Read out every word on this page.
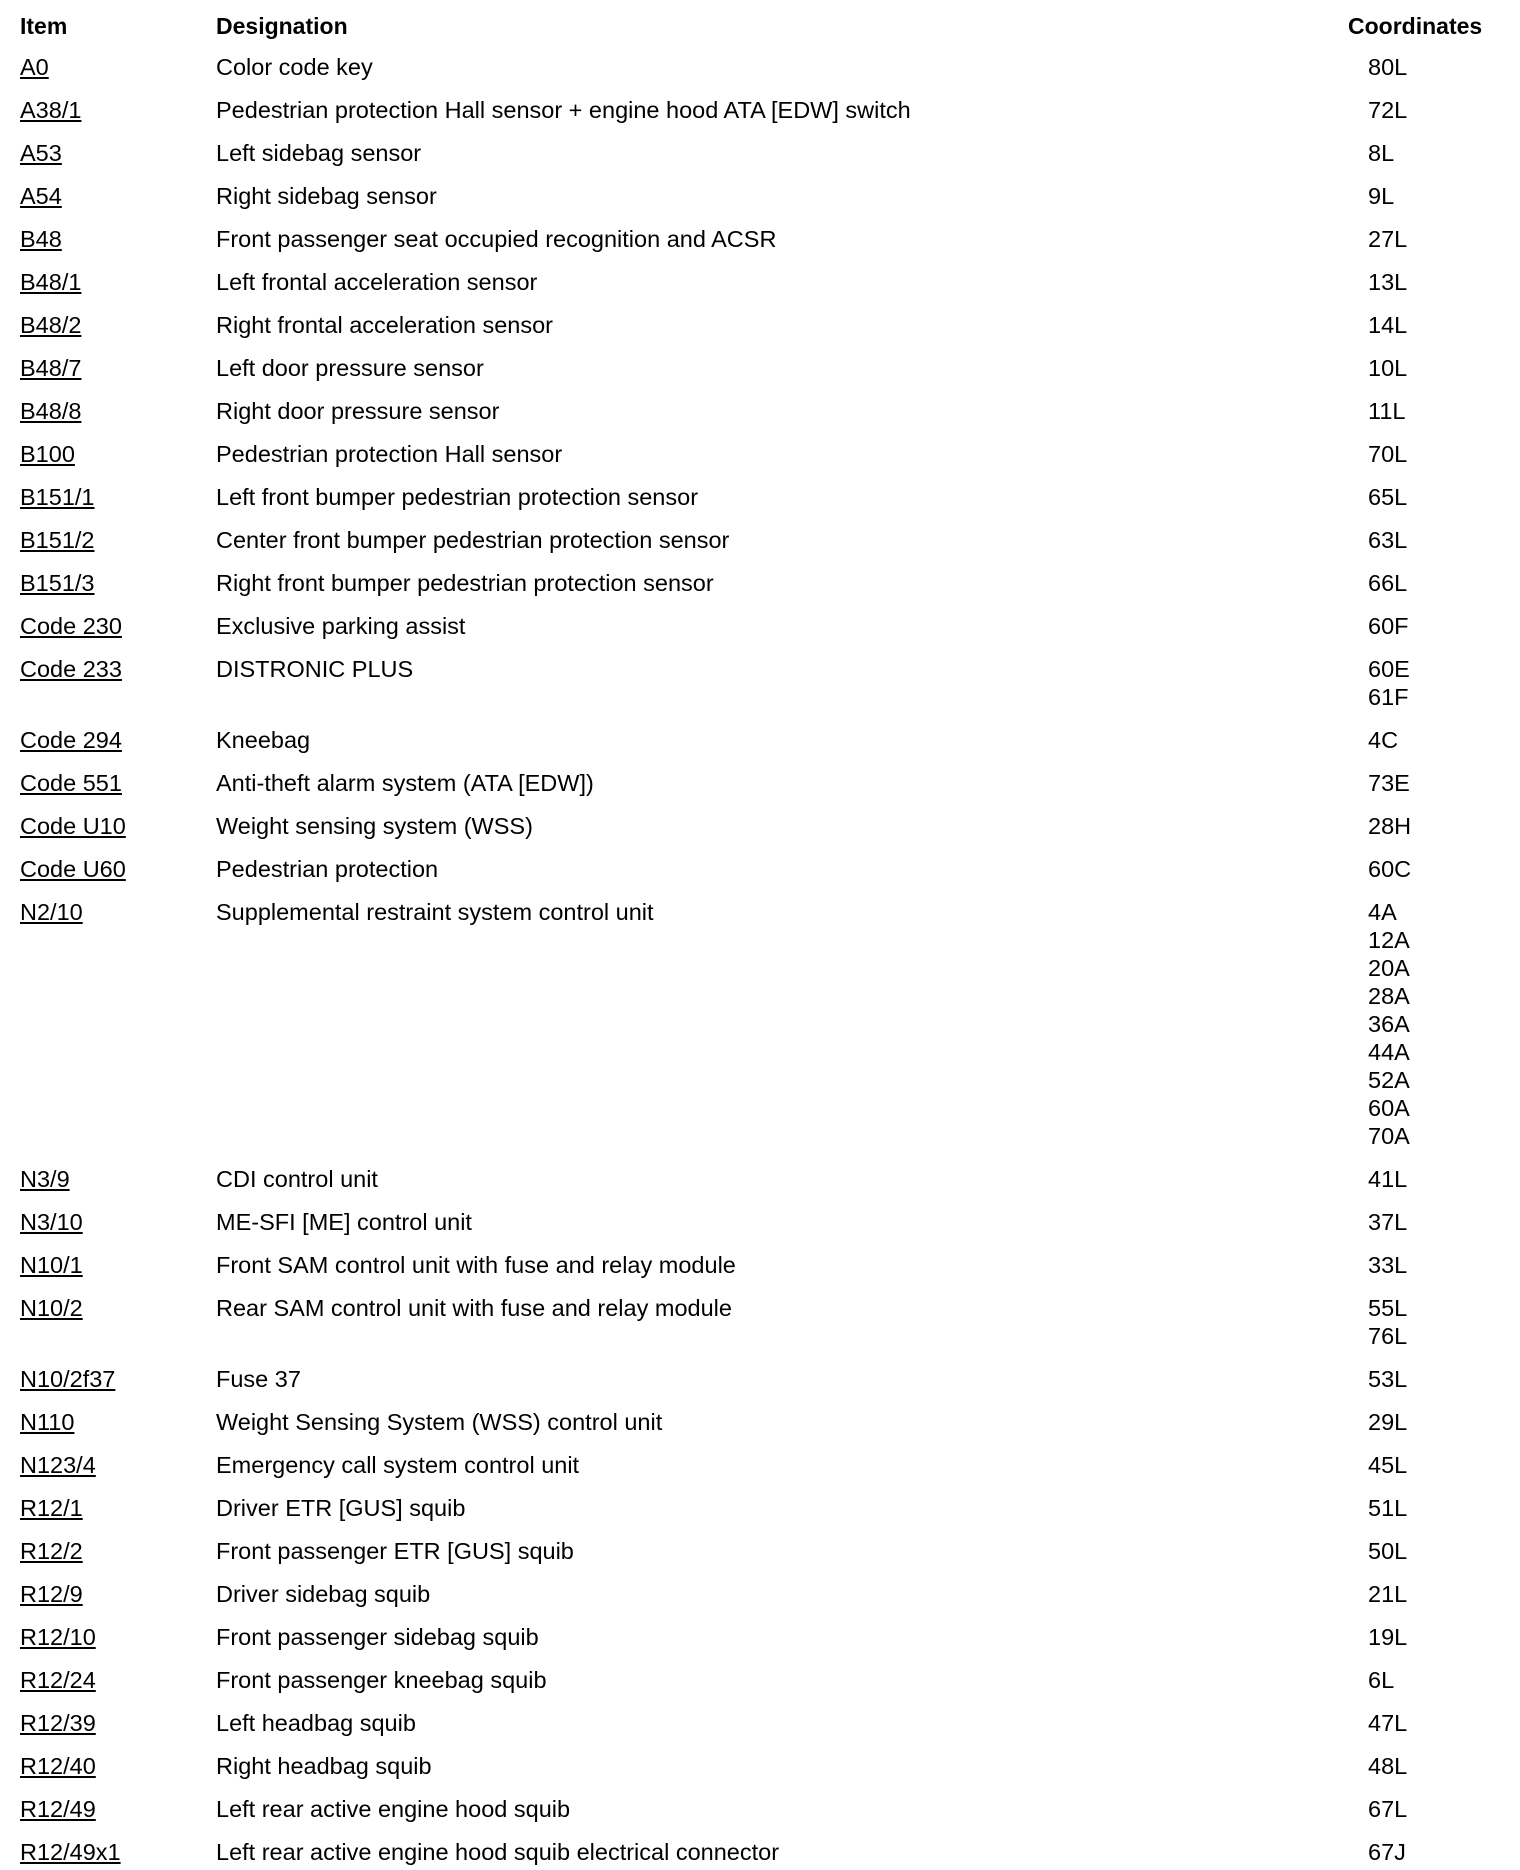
Item	Designation	Coordinates
A0	Color code key	80L
A38/1	Pedestrian protection Hall sensor + engine hood ATA [EDW] switch	72L
A53	Left sidebag sensor	8L
A54	Right sidebag sensor	9L
B48	Front passenger seat occupied recognition and ACSR	27L
B48/1	Left frontal acceleration sensor	13L
B48/2	Right frontal acceleration sensor	14L
B48/7	Left door pressure sensor	10L
B48/8	Right door pressure sensor	11L
B100	Pedestrian protection Hall sensor	70L
B151/1	Left front bumper pedestrian protection sensor	65L
B151/2	Center front bumper pedestrian protection sensor	63L
B151/3	Right front bumper pedestrian protection sensor	66L
Code 230	Exclusive parking assist	60F
Code 233	DISTRONIC PLUS	60E
61F
Code 294	Kneebag	4C
Code 551	Anti-theft alarm system (ATA [EDW])	73E
Code U10	Weight sensing system (WSS)	28H
Code U60	Pedestrian protection	60C
N2/10	Supplemental restraint system control unit	4A
12A
20A
28A
36A
44A
52A
60A
70A
N3/9	CDI control unit	41L
N3/10	ME-SFI [ME] control unit	37L
N10/1	Front SAM control unit with fuse and relay module	33L
N10/2	Rear SAM control unit with fuse and relay module	55L
76L
N10/2f37	Fuse 37	53L
N110	Weight Sensing System (WSS) control unit	29L
N123/4	Emergency call system control unit	45L
R12/1	Driver ETR [GUS] squib	51L
R12/2	Front passenger ETR [GUS] squib	50L
R12/9	Driver sidebag squib	21L
R12/10	Front passenger sidebag squib	19L
R12/24	Front passenger kneebag squib	6L
R12/39	Left headbag squib	47L
R12/40	Right headbag squib	48L
R12/49	Left rear active engine hood squib	67L
R12/49x1	Left rear active engine hood squib electrical connector	67J
